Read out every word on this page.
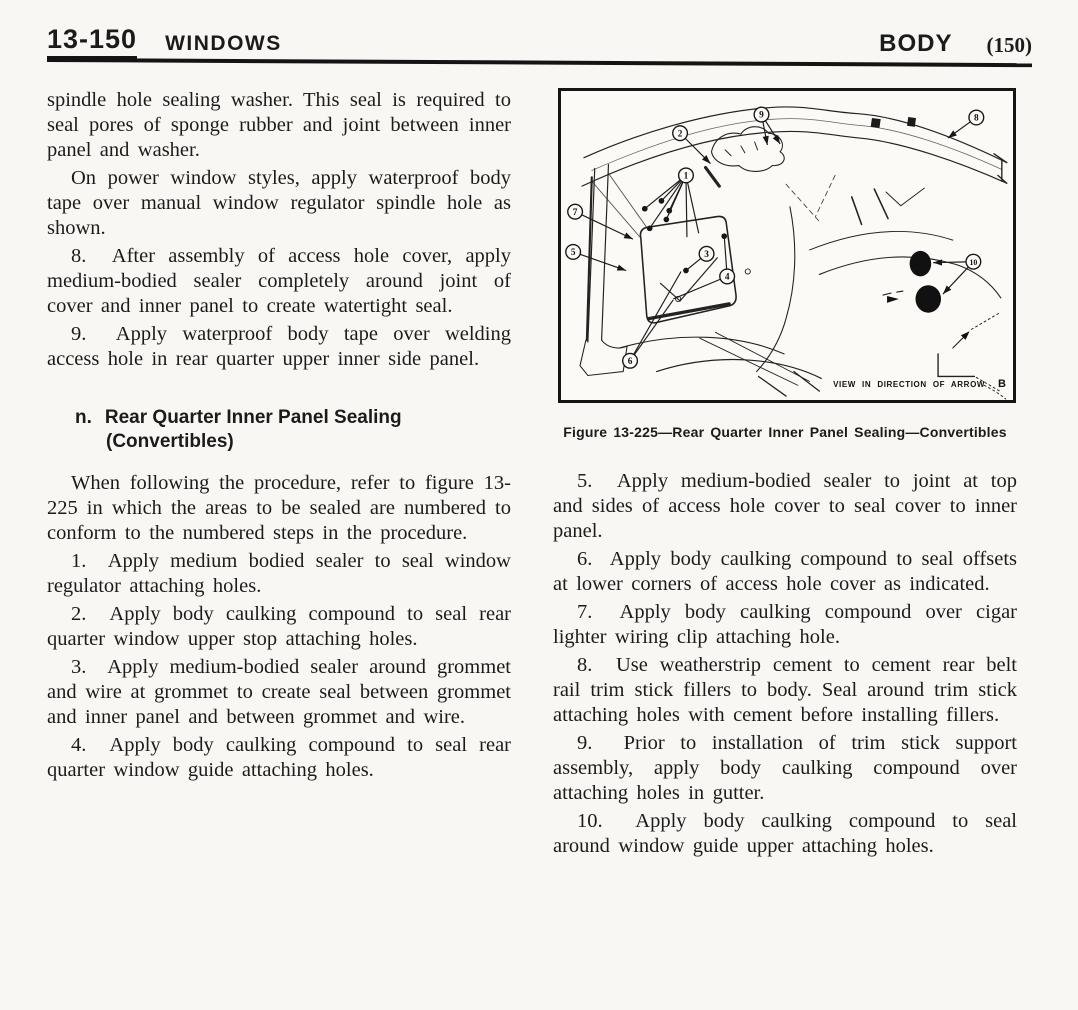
13-150 WINDOWS	BODY (150)

spindle hole sealing washer. This seal is required to seal pores of sponge rubber and joint between inner panel and washer.

On power window styles, apply waterproof body tape over manual window regulator spindle hole as shown.

8.  After assembly of access hole cover, apply medium-bodied sealer completely around joint of cover and inner panel to create watertight seal.

9.  Apply waterproof body tape over welding access hole in rear quarter upper inner side panel.

n. Rear Quarter Inner Panel Sealing
(Convertibles)

When following the procedure, refer to figure 13-225 in which the areas to be sealed are numbered to conform to the numbered steps in the procedure.

1.  Apply medium bodied sealer to seal window regulator attaching holes.

2.  Apply body caulking compound to seal rear quarter window upper stop attaching holes.

3.  Apply medium-bodied sealer around grommet and wire at grommet to create seal between grommet and inner panel and between grommet and wire.

4.  Apply body caulking compound to seal rear quarter window guide attaching holes.

1
2
3
4
5
6
7
8
9
10
VIEW IN DIRECTION OF ARROW B
Figure 13-225—Rear Quarter Inner Panel Sealing—Convertibles

5.  Apply medium-bodied sealer to joint at top and sides of access hole cover to seal cover to inner panel.

6.  Apply body caulking compound to seal offsets at lower corners of access hole cover as indicated.

7.  Apply body caulking compound over cigar lighter wiring clip attaching hole.

8.  Use weatherstrip cement to cement rear belt rail trim stick fillers to body. Seal around trim stick attaching holes with cement before installing fillers.

9.  Prior to installation of trim stick support assembly, apply body caulking compound over attaching holes in gutter.

10.  Apply body caulking compound to seal around window guide upper attaching holes.
